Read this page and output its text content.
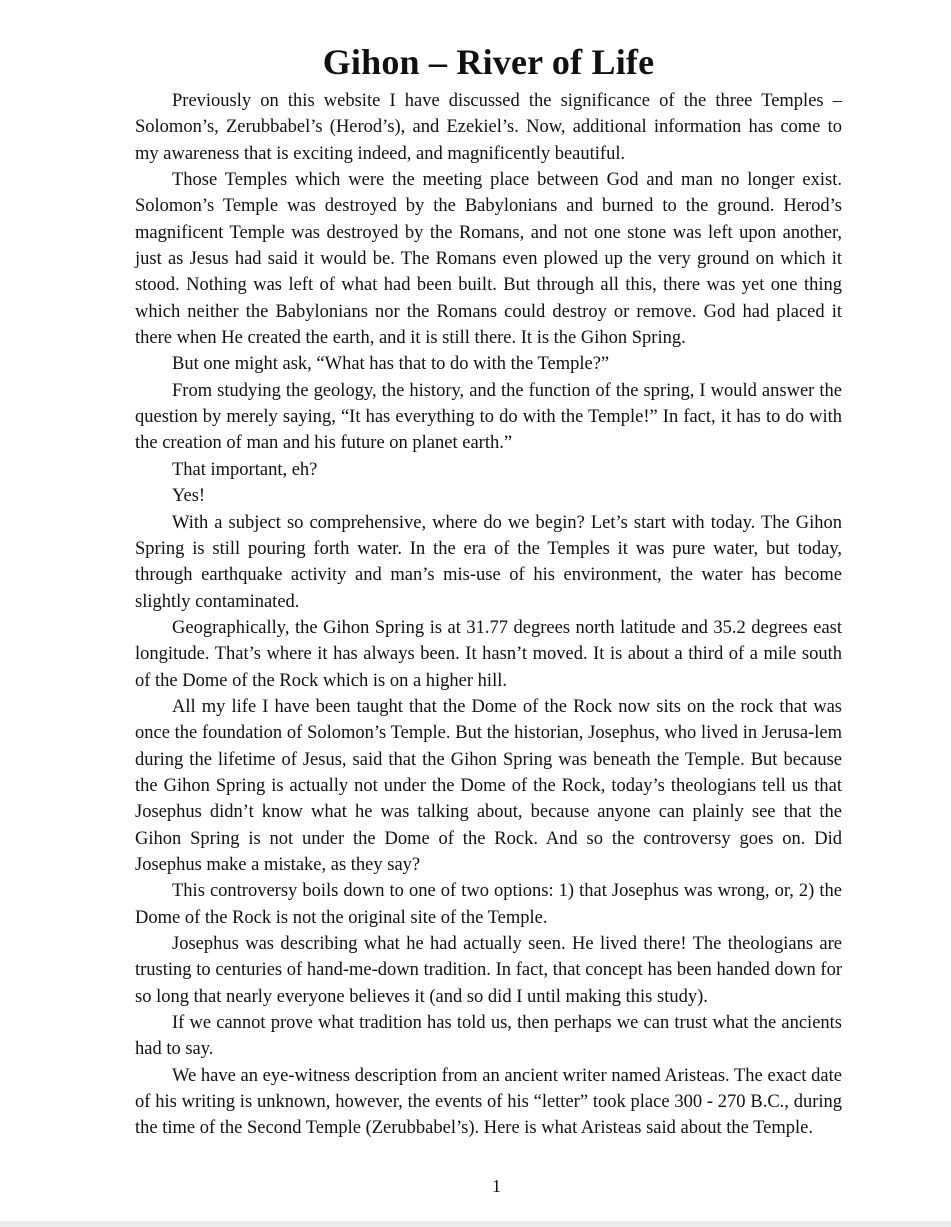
Gihon – River of Life

Previously on this website I have discussed the significance of the three Temples – Solomon’s, Zerubbabel’s (Herod’s), and Ezekiel’s. Now, additional information has come to my awareness that is exciting indeed, and magnificently beautiful.

Those Temples which were the meeting place between God and man no longer exist. Solomon’s Temple was destroyed by the Babylonians and burned to the ground. Herod’s magnificent Temple was destroyed by the Romans, and not one stone was left upon another, just as Jesus had said it would be. The Romans even plowed up the very ground on which it stood. Nothing was left of what had been built. But through all this, there was yet one thing which neither the Babylonians nor the Romans could destroy or remove. God had placed it there when He created the earth, and it is still there. It is the Gihon Spring.

But one might ask, “What has that to do with the Temple?”

From studying the geology, the history, and the function of the spring, I would answer the question by merely saying, “It has everything to do with the Temple!” In fact, it has to do with the creation of man and his future on planet earth.”

That important, eh?

Yes!

With a subject so comprehensive, where do we begin? Let’s start with today. The Gihon Spring is still pouring forth water. In the era of the Temples it was pure water, but today, through earthquake activity and man’s mis-use of his environment, the water has become slightly contaminated.

Geographically, the Gihon Spring is at 31.77 degrees north latitude and 35.2 degrees east longitude. That’s where it has always been. It hasn’t moved. It is about a third of a mile south of the Dome of the Rock which is on a higher hill.

All my life I have been taught that the Dome of the Rock now sits on the rock that was once the foundation of Solomon’s Temple. But the historian, Josephus, who lived in Jerusa-lem during the lifetime of Jesus, said that the Gihon Spring was beneath the Temple. But because the Gihon Spring is actually not under the Dome of the Rock, today’s theologians tell us that Josephus didn’t know what he was talking about, because anyone can plainly see that the Gihon Spring is not under the Dome of the Rock. And so the controversy goes on. Did Josephus make a mistake, as they say?

This controversy boils down to one of two options: 1) that Josephus was wrong, or, 2) the Dome of the Rock is not the original site of the Temple.

Josephus was describing what he had actually seen. He lived there! The theologians are trusting to centuries of hand-me-down tradition. In fact, that concept has been handed down for so long that nearly everyone believes it (and so did I until making this study).

If we cannot prove what tradition has told us, then perhaps we can trust what the ancients had to say.

We have an eye-witness description from an ancient writer named Aristeas. The exact date of his writing is unknown, however, the events of his “letter” took place 300 - 270 B.C., during the time of the Second Temple (Zerubbabel’s). Here is what Aristeas said about the Temple.

1
